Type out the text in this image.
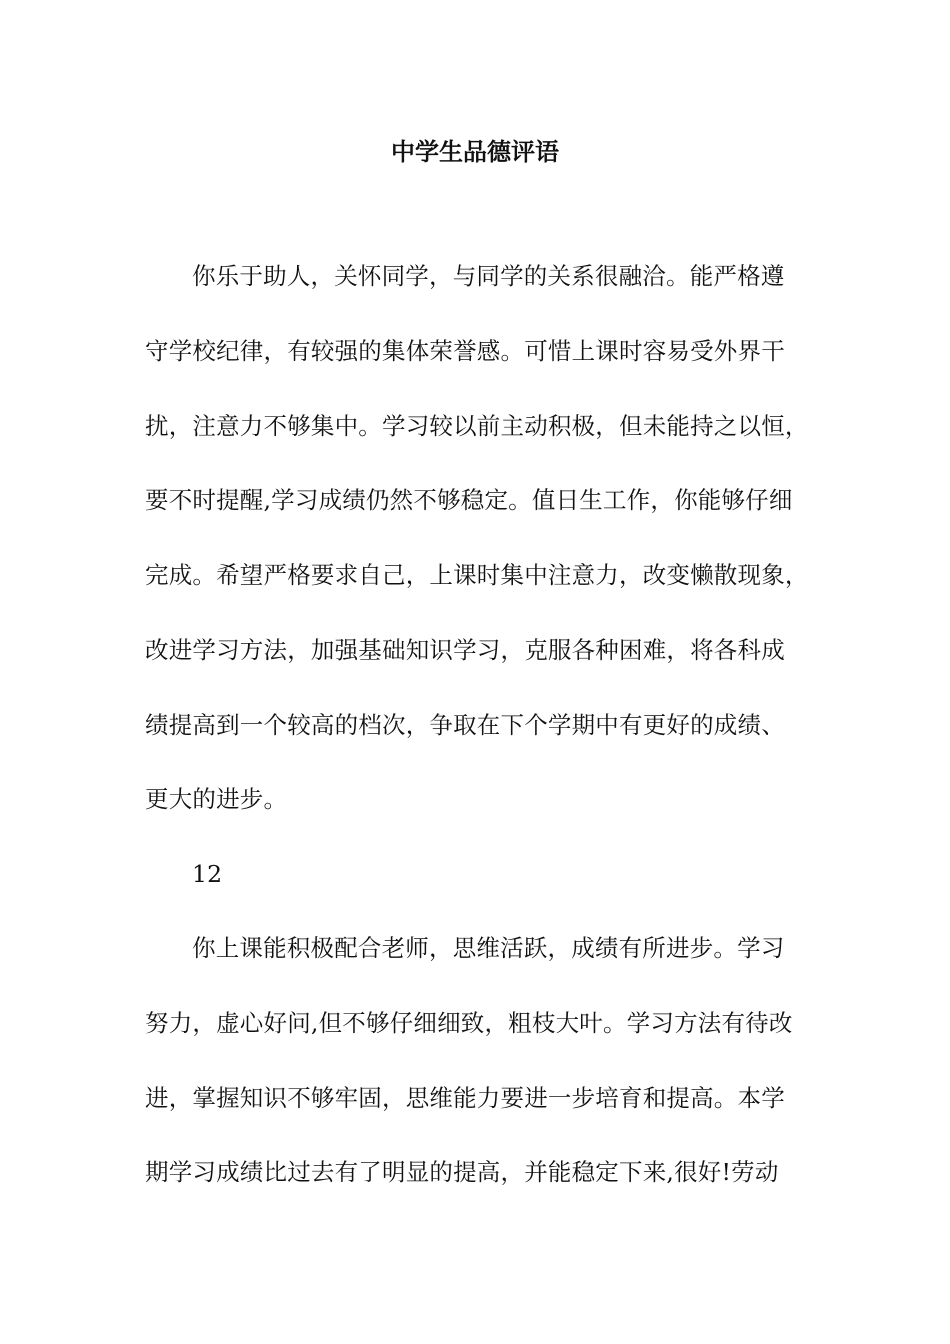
中学生品德评语
你乐于助人，关怀同学，与同学的关系很融洽。能严格遵
守学校纪律，有较强的集体荣誉感。可惜上课时容易受外界干
扰，注意力不够集中。学习较以前主动积极，但未能持之以恒，
要不时提醒,学习成绩仍然不够稳定。值日生工作，你能够仔细
完成。希望严格要求自己，上课时集中注意力，改变懒散现象，
改进学习方法，加强基础知识学习，克服各种困难，将各科成
绩提高到一个较高的档次，争取在下个学期中有更好的成绩、
更大的进步。
12
你上课能积极配合老师，思维活跃，成绩有所进步。学习
努力，虚心好问,但不够仔细细致，粗枝大叶。学习方法有待改
进，掌握知识不够牢固，思维能力要进一步培育和提高。本学
期学习成绩比过去有了明显的提高，并能稳定下来,很好!劳动
